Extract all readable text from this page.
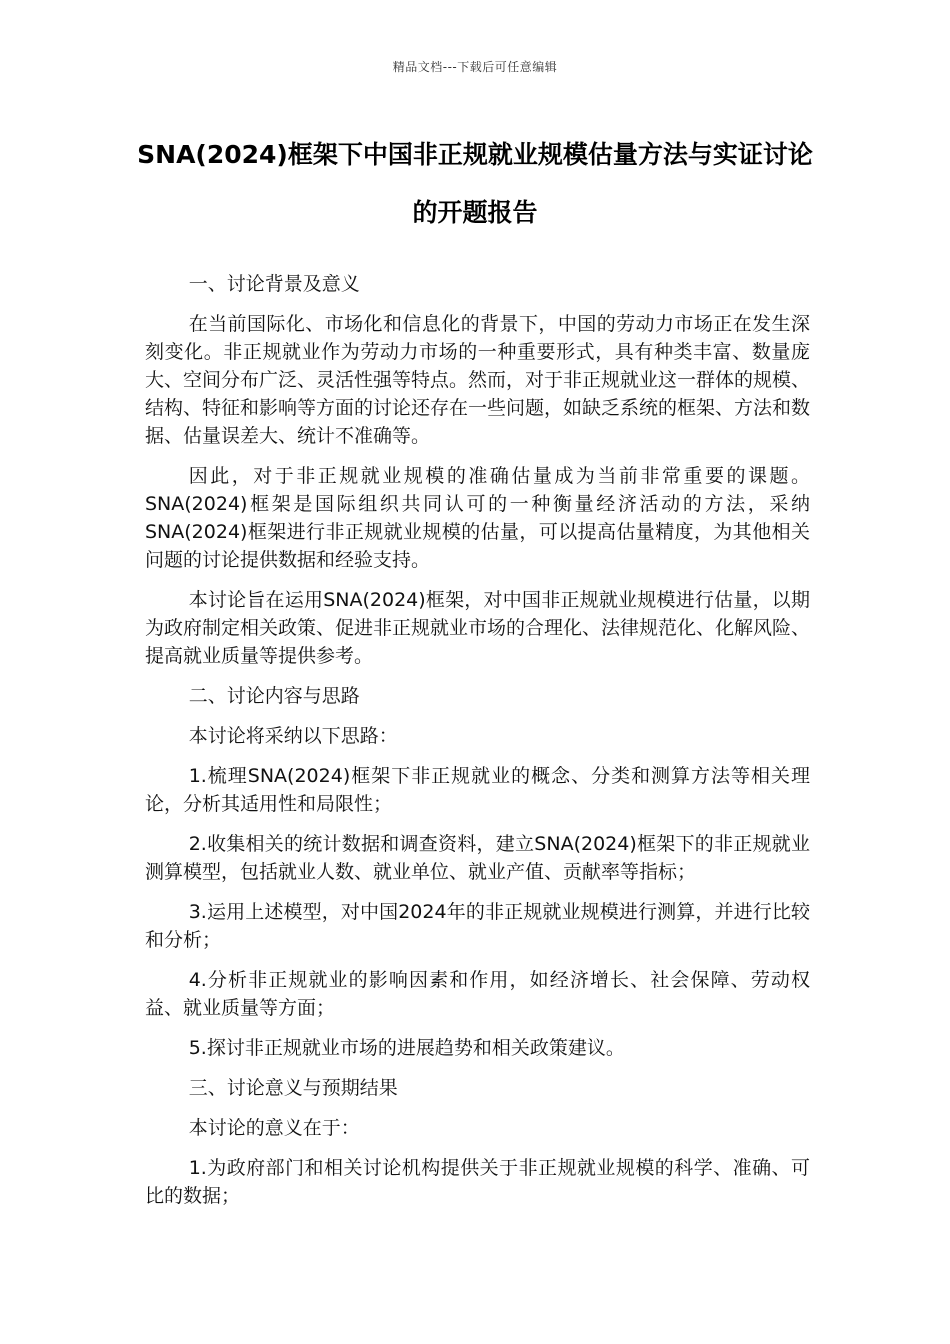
精品文档---下载后可任意编辑
SNA(2024)框架下中国非正规就业规模估量方法与实证讨论的开题报告

一、讨论背景及意义

在当前国际化、市场化和信息化的背景下，中国的劳动力市场正在发生深刻变化。非正规就业作为劳动力市场的一种重要形式，具有种类丰富、数量庞大、空间分布广泛、灵活性强等特点。然而，对于非正规就业这一群体的规模、结构、特征和影响等方面的讨论还存在一些问题，如缺乏系统的框架、方法和数据、估量误差大、统计不准确等。

因此，对于非正规就业规模的准确估量成为当前非常重要的课题。SNA(2024)框架是国际组织共同认可的一种衡量经济活动的方法，采纳SNA(2024)框架进行非正规就业规模的估量，可以提高估量精度，为其他相关问题的讨论提供数据和经验支持。

本讨论旨在运用SNA(2024)框架，对中国非正规就业规模进行估量，以期为政府制定相关政策、促进非正规就业市场的合理化、法律规范化、化解风险、提高就业质量等提供参考。

二、讨论内容与思路

本讨论将采纳以下思路：

1.梳理SNA(2024)框架下非正规就业的概念、分类和测算方法等相关理论，分析其适用性和局限性；

2.收集相关的统计数据和调查资料，建立SNA(2024)框架下的非正规就业测算模型，包括就业人数、就业单位、就业产值、贡献率等指标；

3.运用上述模型，对中国2024年的非正规就业规模进行测算，并进行比较和分析；

4.分析非正规就业的影响因素和作用，如经济增长、社会保障、劳动权益、就业质量等方面；

5.探讨非正规就业市场的进展趋势和相关政策建议。

三、讨论意义与预期结果

本讨论的意义在于：

1.为政府部门和相关讨论机构提供关于非正规就业规模的科学、准确、可比的数据；
